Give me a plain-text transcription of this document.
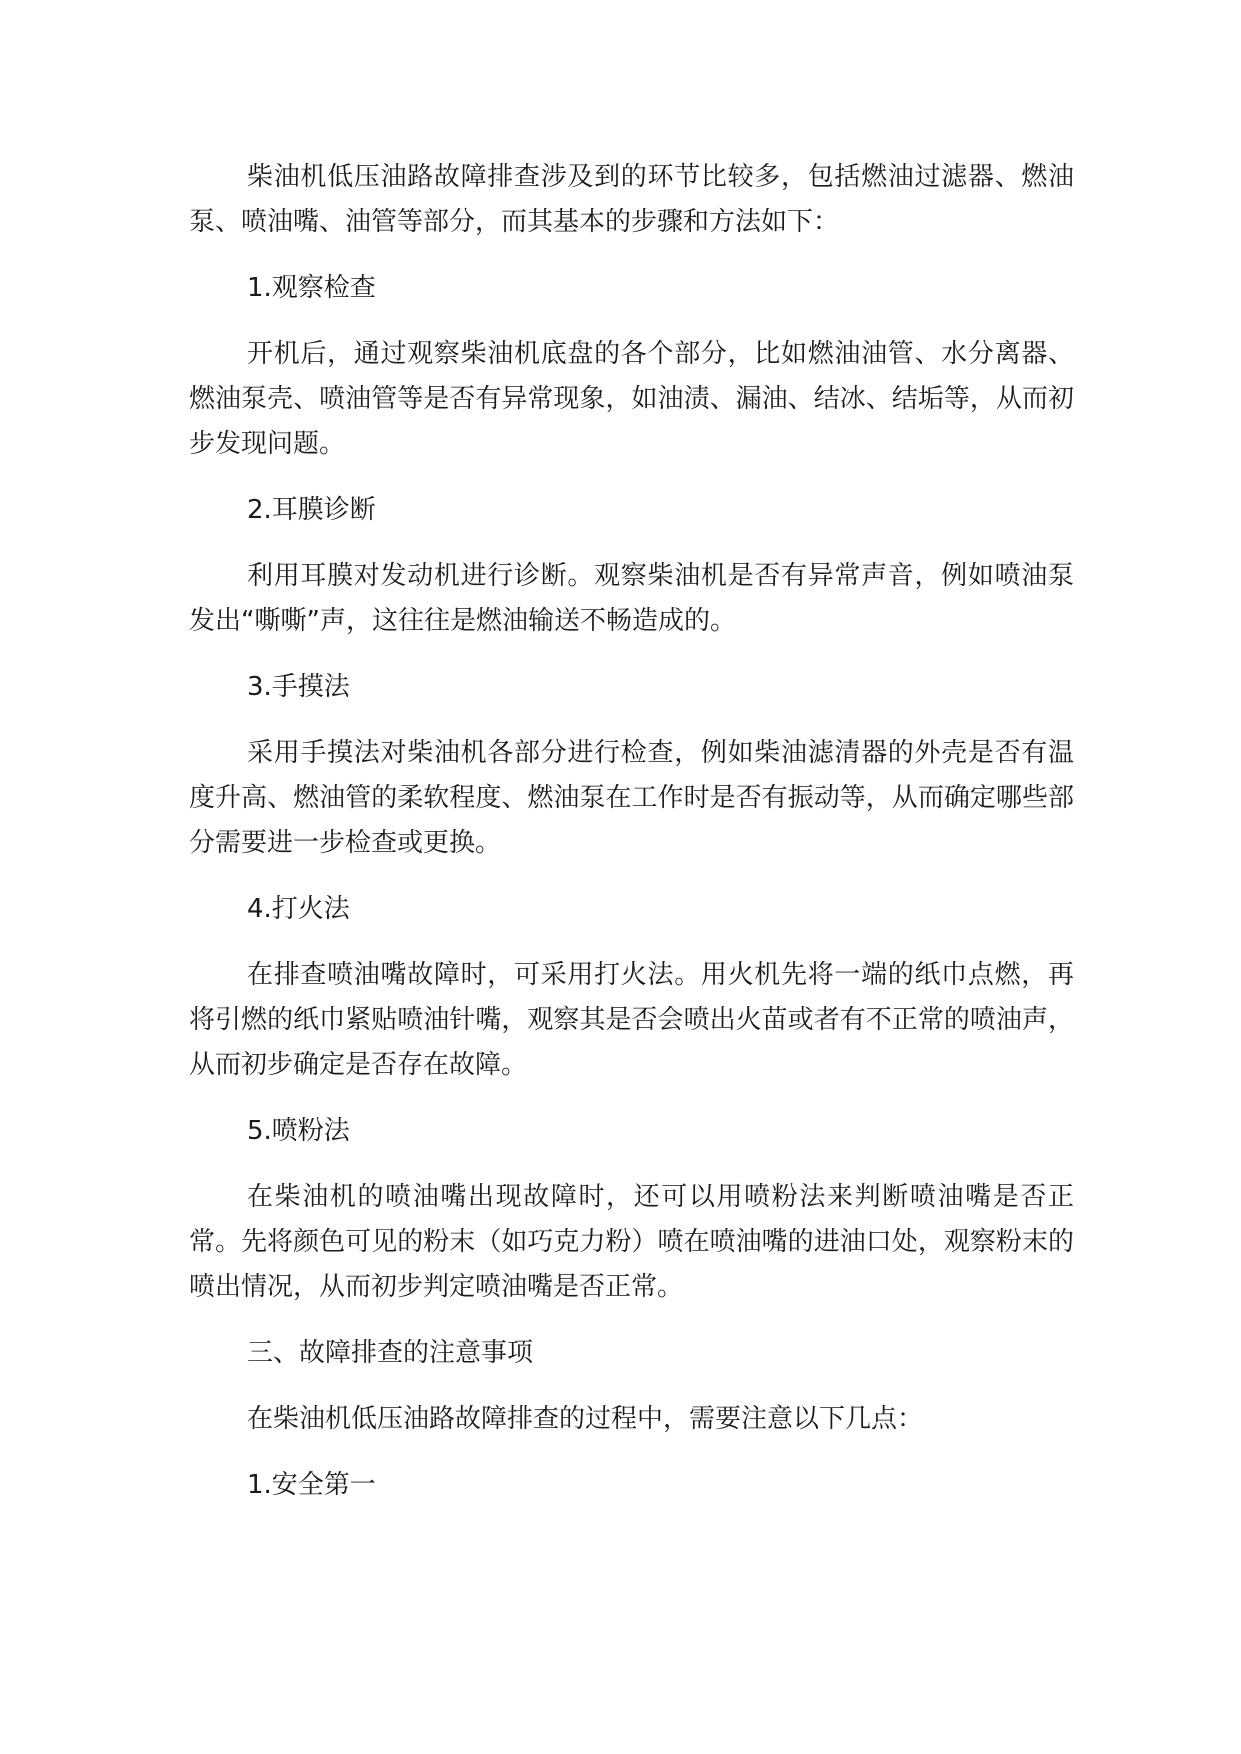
柴油机低压油路故障排查涉及到的环节比较多，包括燃油过滤器、燃油泵、喷油嘴、油管等部分，而其基本的步骤和方法如下：

1.观察检查

开机后，通过观察柴油机底盘的各个部分，比如燃油油管、水分离器、燃油泵壳、喷油管等是否有异常现象，如油渍、漏油、结冰、结垢等，从而初步发现问题。

2.耳膜诊断

利用耳膜对发动机进行诊断。观察柴油机是否有异常声音，例如喷油泵发出“嘶嘶”声，这往往是燃油输送不畅造成的。

3.手摸法

采用手摸法对柴油机各部分进行检查，例如柴油滤清器的外壳是否有温度升高、燃油管的柔软程度、燃油泵在工作时是否有振动等，从而确定哪些部分需要进一步检查或更换。

4.打火法

在排查喷油嘴故障时，可采用打火法。用火机先将一端的纸巾点燃，再将引燃的纸巾紧贴喷油针嘴，观察其是否会喷出火苗或者有不正常的喷油声，从而初步确定是否存在故障。

5.喷粉法

在柴油机的喷油嘴出现故障时，还可以用喷粉法来判断喷油嘴是否正常。先将颜色可见的粉末（如巧克力粉）喷在喷油嘴的进油口处，观察粉末的喷出情况，从而初步判定喷油嘴是否正常。

三、故障排查的注意事项

在柴油机低压油路故障排查的过程中，需要注意以下几点：

1.安全第一
